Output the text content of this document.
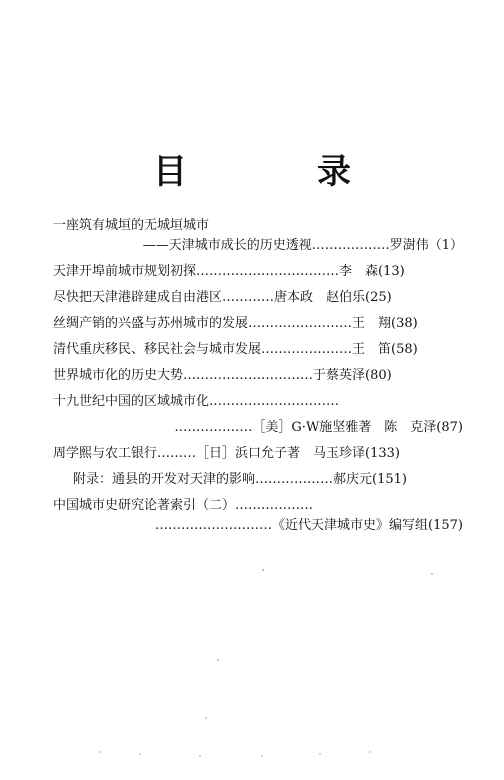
目　录
一座筑有城垣的无城垣城市
——天津城市成长的历史透视………………罗澍伟（1）
天津开埠前城市规划初探……………………………李　森(13)
尽快把天津港辟建成自由港区…………唐本政　赵伯乐(25)
丝绸产销的兴盛与苏州城市的发展……………………王　翔(38)
清代重庆移民、移民社会与城市发展…………………王　笛(58)
世界城市化的历史大势…………………………于蔡英泽(80)
十九世纪中国的区域城市化…………………………
………………［美］G·W施坚雅著　陈　克泽(87)
周学熙与农工银行………［日］浜口允子著　马玉珍译(133)
附录：通县的开发对天津的影响………………郝庆元(151)
中国城市史研究论著索引（二）………………
………………………《近代天津城市史》编写组(157)
